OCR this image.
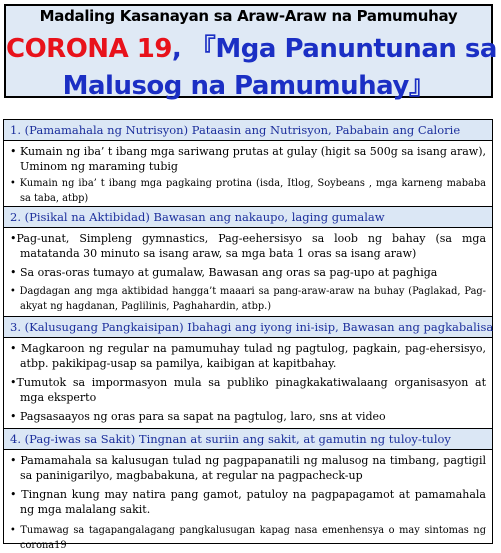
Madaling Kasanayan sa Araw-Araw na Pamumuhay
CORONA 19, 『Mga Panuntunan sa
Malusog na Pamumuhay』
1. (Pamamahala ng Nutrisyon) Pataasin ang Nutrisyon, Pababain ang Calorie
• Kumain ng iba’ t ibang mga sariwang prutas at gulay (higit sa 500g sa isang araw), Uminom ng maraming tubig
• Kumain ng iba’ t ibang mga pagkaing protina (isda, Itlog, Soybeans , mga karneng mababa sa taba, atbp)
2. (Pisikal na Aktibidad) Bawasan ang nakaupo, laging gumalaw
•Pag-unat, Simpleng gymnastics, Pag-eehersisyo sa loob ng bahay (sa mga matatanda 30 minuto sa isang araw, sa mga bata 1 oras sa isang araw)
• Sa oras-oras tumayo at gumalaw, Bawasan ang oras sa pag-upo at paghiga
• Dagdagan ang mga aktibidad hangga’t maaari sa pang-araw-araw na buhay (Paglakad, Pag-akyat ng hagdanan, Paglilinis, Paghahardin, atbp.)
3. (Kalusugang Pangkaisipan) Ibahagi ang iyong ini-isip, Bawasan ang pagkabalisa
• Magkaroon ng regular na pamumuhay tulad ng pagtulog, pagkain, pag-ehersisyo, atbp. pakikipag-usap sa pamilya, kaibigan at kapitbahay.
•Tumutok sa impormasyon mula sa publiko pinagkakatiwalaang organisasyon at mga eksperto
• Pagsasaayos ng oras para sa sapat na pagtulog, laro, sns at video
4. (Pag-iwas sa Sakit) Tingnan at suriin ang sakit, at gamutin ng tuloy-tuloy
• Pamamahala sa kalusugan tulad ng pagpapanatili ng malusog na timbang, pagtigil sa paninigarilyo, magbabakuna, at regular na pagpacheck-up
• Tingnan kung may natira pang gamot, patuloy na pagpapagamot at pamamahala ng mga malalang sakit.
• Tumawag sa tagapangalagang pangkalusugan kapag nasa emenhensya o may sintomas ng corona19
